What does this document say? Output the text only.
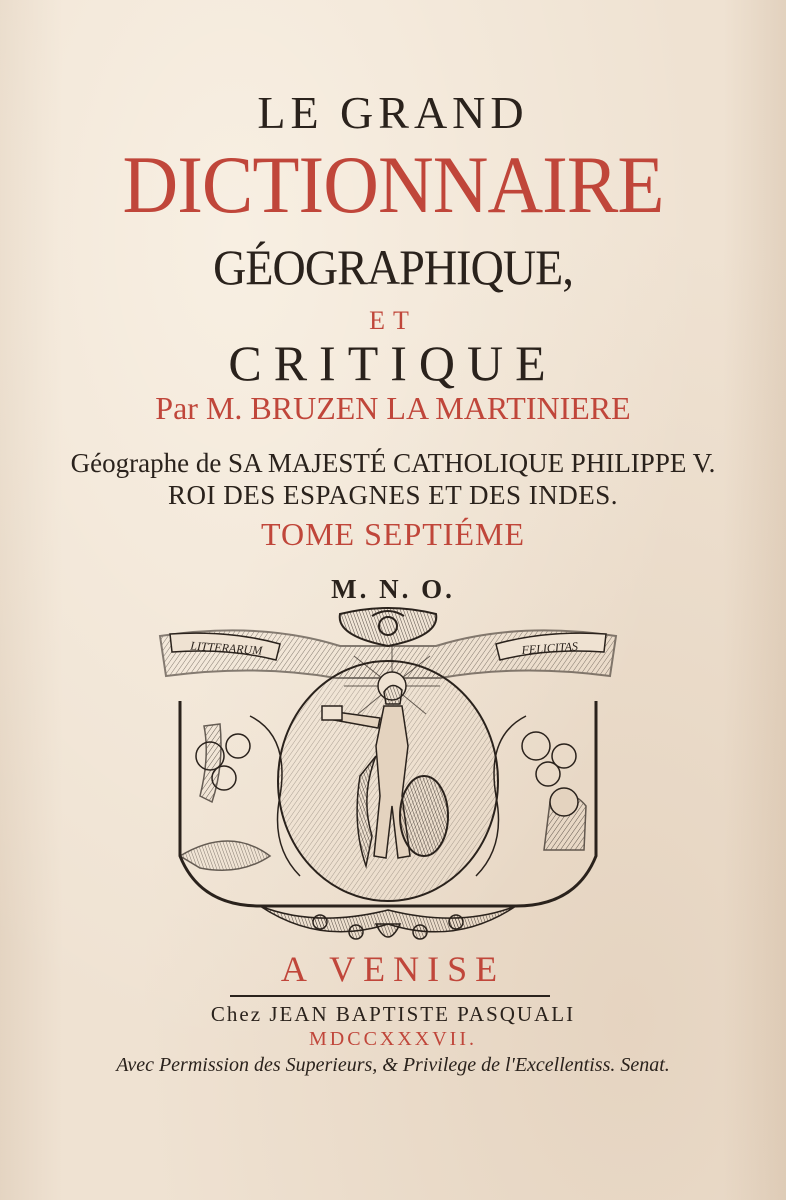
LE GRAND

DICTIONNAIRE

GÉOGRAPHIQUE,

ET

CRITIQUE

Par M. BRUZEN LA MARTINIERE

Géographe de SA MAJESTÉ CATHOLIQUE PHILIPPE V.

ROI DES ESPAGNES ET DES INDES.

TOME SEPTIÉME

M. N. O.

LITTERARUM	FELICITAS

A VENISE

Chez JEAN BAPTISTE PASQUALI

MDCCXXXVII.

Avec Permission des Superieurs, & Privilege de l'Excellentiss. Senat.
